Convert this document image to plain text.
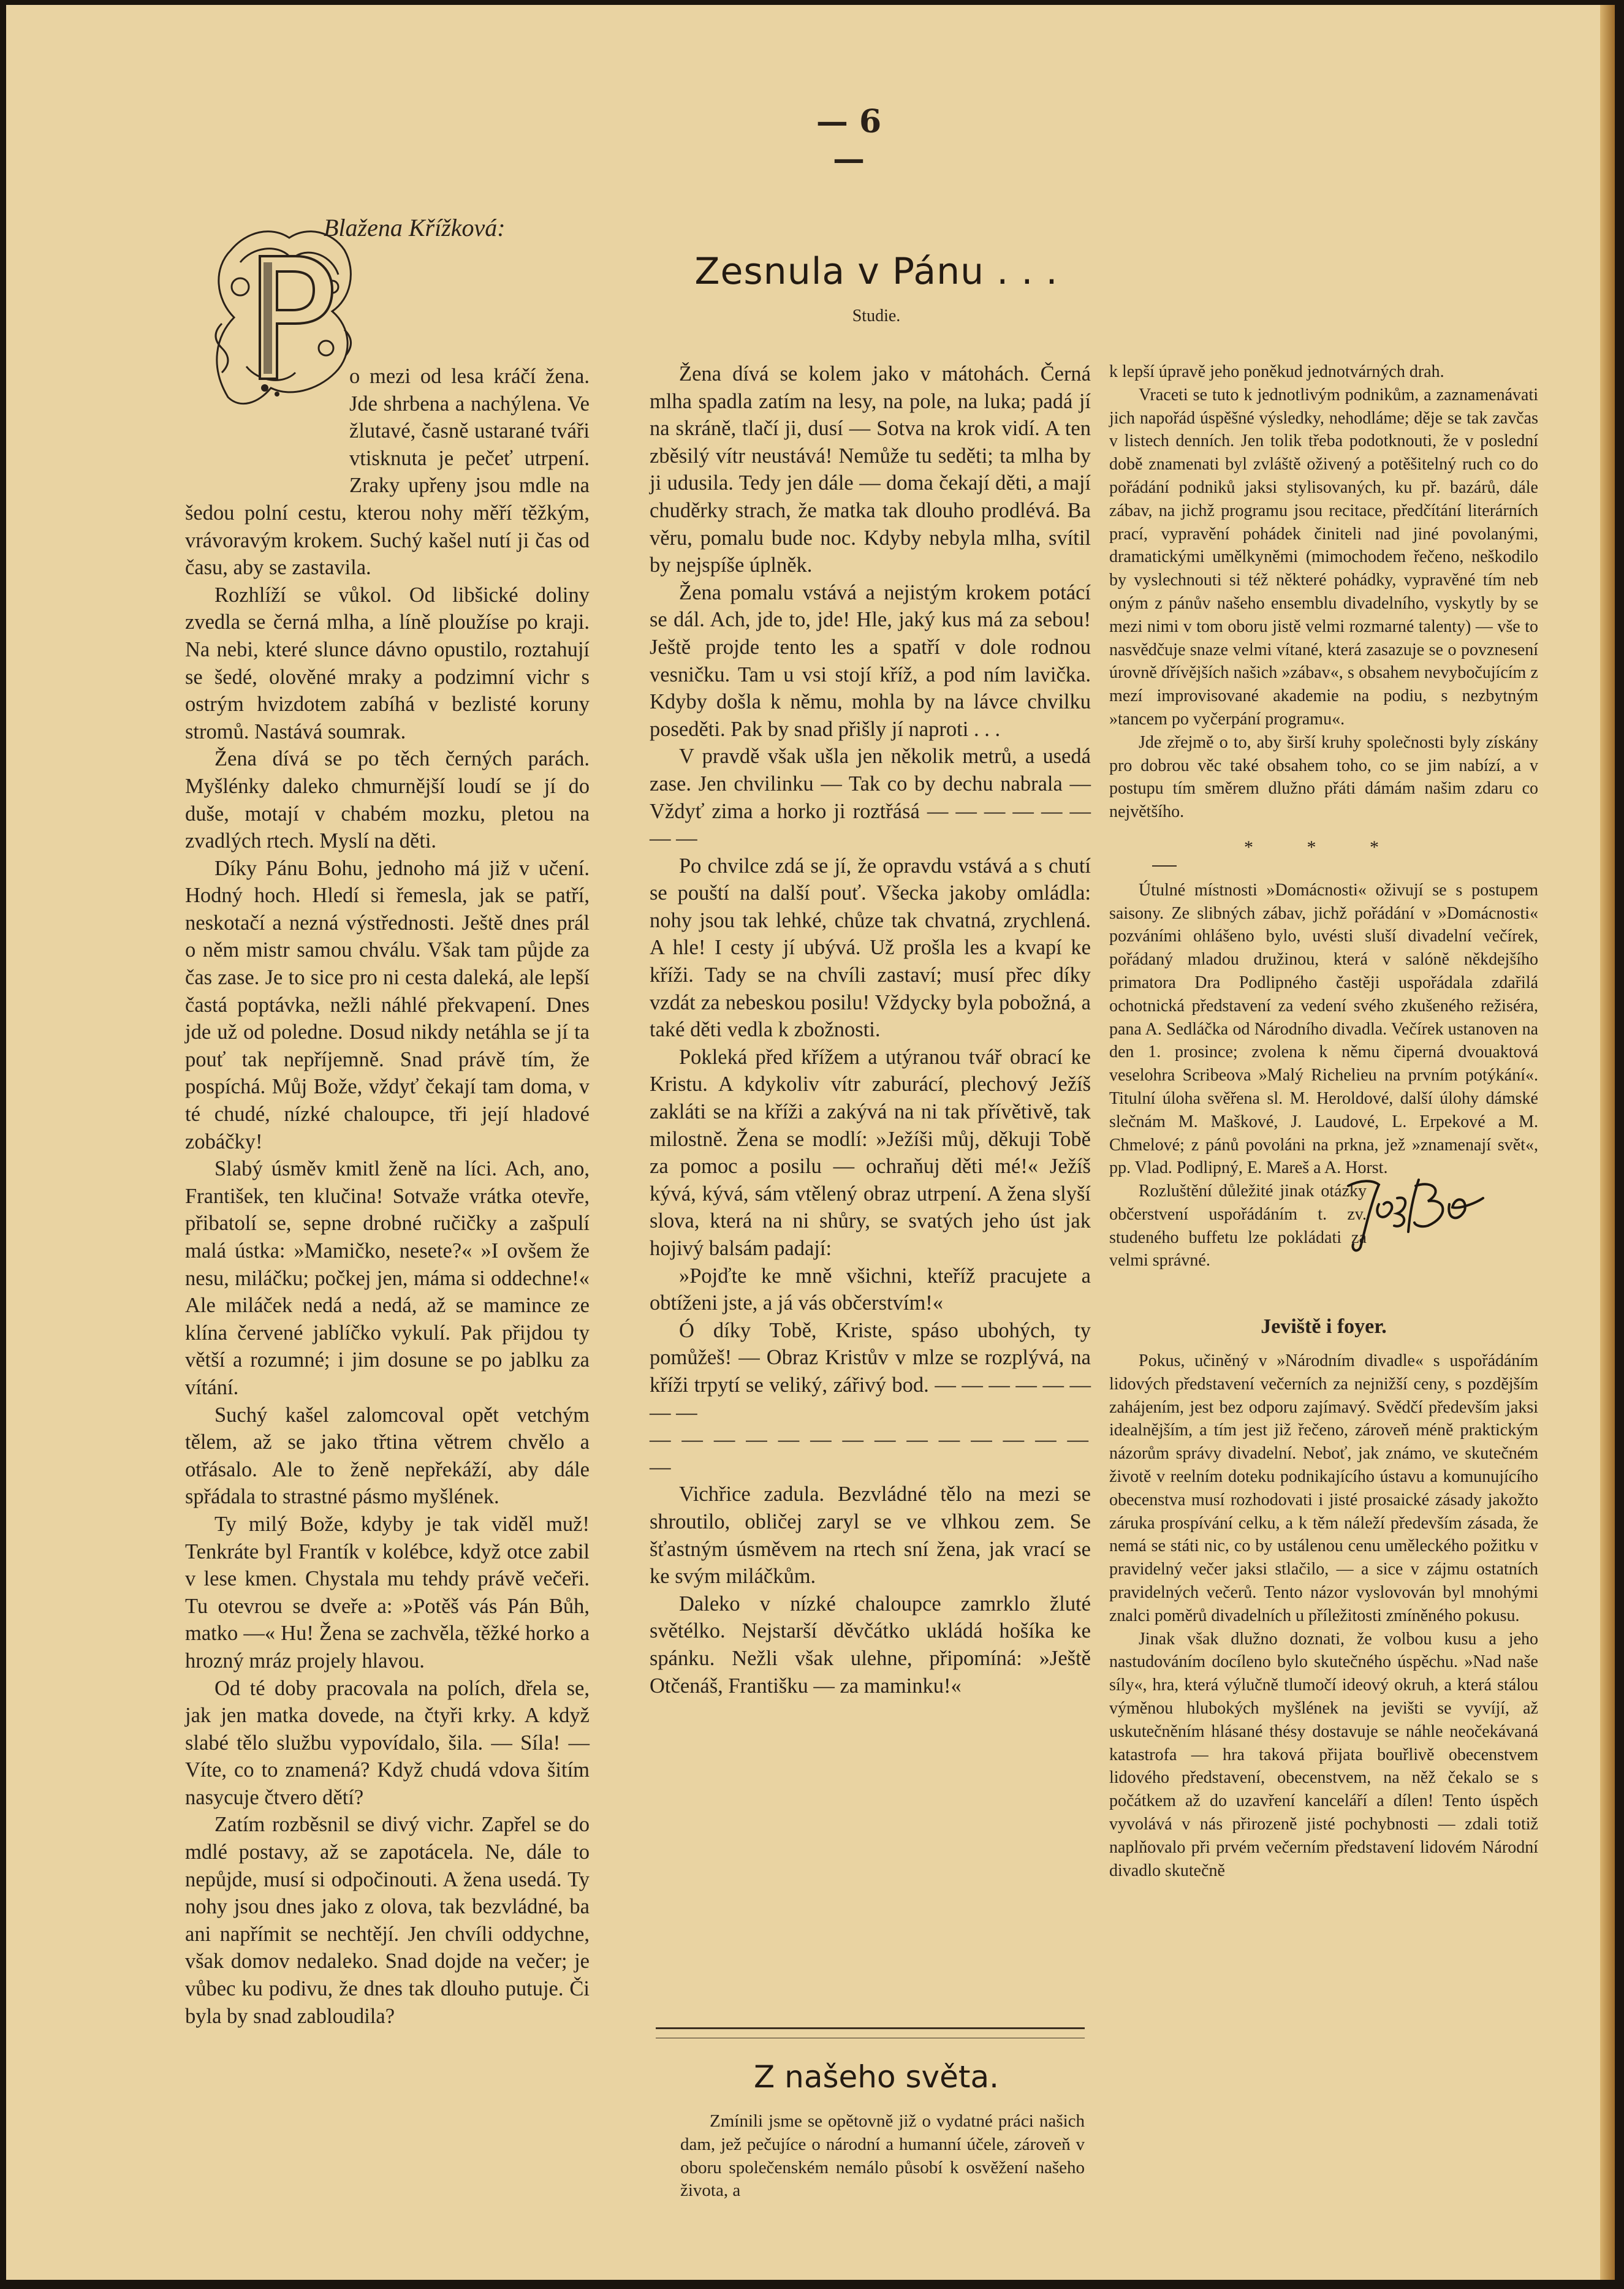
— 6 —
Blažena Křížková:

o mezi od lesa kráčí žena. Jde shrbena a nachýlena. Ve žlutavé, časně ustarané tváři vtisknuta je pečeť utrpení. Zraky upřeny jsou mdle na šedou polní cestu, kterou nohy měří těžkým, vrávoravým krokem. Suchý kašel nutí ji čas od času, aby se zastavila.

Rozhlíží se vůkol. Od libšické doliny zvedla se černá mlha, a líně ploužíse po kraji. Na nebi, které slunce dávno opustilo, roztahují se šedé, olověné mraky a podzimní vichr s ostrým hvizdotem zabíhá v bezlisté koruny stromů. Nastává soumrak.

Žena dívá se po těch černých parách. Myšlénky daleko chmurnější loudí se jí do duše, motají v chabém mozku, pletou na zvadlých rtech. Myslí na děti.

Díky Pánu Bohu, jednoho má již v učení. Hodný hoch. Hledí si řemesla, jak se patří, neskotačí a nezná výstřednosti. Ještě dnes prál o něm mistr samou chválu. Však tam půjde za čas zase. Je to sice pro ni cesta daleká, ale lepší častá poptávka, nežli náhlé překvapení. Dnes jde už od poledne. Dosud nikdy netáhla se jí ta pouť tak nepříjemně. Snad právě tím, že pospíchá. Můj Bože, vždyť čekají tam doma, v té chudé, nízké chaloupce, tři její hladové zobáčky!

Slabý úsměv kmitl ženě na líci. Ach, ano, František, ten klučina! Sotvaže vrátka otevře, přibatolí se, sepne drobné ručičky a zašpulí malá ústka: »Mamičko, nesete?« »I ovšem že nesu, miláčku; počkej jen, máma si oddechne!« Ale miláček nedá a nedá, až se mamince ze klína červené jablíčko vykulí. Pak přijdou ty větší a rozumné; i jim dosune se po jablku za vítání.

Suchý kašel zalomcoval opět vetchým tělem, až se jako třtina větrem chvělo a otřásalo. Ale to ženě nepřekáží, aby dále spřádala to strastné pásmo myšlének.

Ty milý Bože, kdyby je tak viděl muž! Tenkráte byl Frantík v kolébce, když otce zabil v lese kmen. Chystala mu tehdy právě večeři. Tu otevrou se dveře a: »Potěš vás Pán Bůh, matko —« Hu! Žena se zachvěla, těžké horko a hrozný mráz projely hlavou.

Od té doby pracovala na polích, dřela se, jak jen matka dovede, na čtyři krky. A když slabé tělo službu vypovídalo, šila. — Síla! — Víte, co to znamená? Když chudá vdova šitím nasycuje čtvero dětí?

Zatím rozběsnil se divý vichr. Zapřel se do mdlé postavy, až se zapotácela. Ne, dále to nepůjde, musí si odpočinouti. A žena usedá. Ty nohy jsou dnes jako z olova, tak bezvládné, ba ani napřímit se nechtějí. Jen chvíli oddychne, však domov nedaleko. Snad dojde na večer; je vůbec ku podivu, že dnes tak dlouho putuje. Či byla by snad zabloudila?

Zesnula v Pánu . . .
Studie.

Žena dívá se kolem jako v mátohách. Černá mlha spadla zatím na lesy, na pole, na luka; padá jí na skráně, tlačí ji, dusí — Sotva na krok vidí. A ten zběsilý vítr neustává! Nemůže tu seděti; ta mlha by ji udusila. Tedy jen dále — doma čekají děti, a mají chuděrky strach, že matka tak dlouho prodlévá. Ba věru, pomalu bude noc. Kdyby nebyla mlha, svítil by nejspíše úplněk.

Žena pomalu vstává a nejistým krokem potácí se dál. Ach, jde to, jde! Hle, jaký kus má za sebou! Ještě projde tento les a spatří v dole rodnou vesničku. Tam u vsi stojí kříž, a pod ním lavička. Kdyby došla k němu, mohla by na lávce chvilku poseděti. Pak by snad přišly jí naproti . . .

V pravdě však ušla jen několik metrů, a usedá zase. Jen chvilinku — Tak co by dechu nabrala — Vždyť zima a horko ji roztřásá — — — — — — — —

Po chvilce zdá se jí, že opravdu vstává a s chutí se pouští na další pouť. Všecka jakoby omládla: nohy jsou tak lehké, chůze tak chvatná, zrychlená. A hle! I cesty jí ubývá. Už prošla les a kvapí ke kříži. Tady se na chvíli zastaví; musí přec díky vzdát za nebeskou posilu! Vždycky byla pobožná, a také děti vedla k zbožnosti.

Pokleká před křížem a utýranou tvář obrací ke Kristu. A kdykoliv vítr zaburácí, plechový Ježíš zakláti se na kříži a zakývá na ni tak přívětivě, tak milostně. Žena se modlí: »Ježíši můj, děkuji Tobě za pomoc a posilu — ochraňuj děti mé!« Ježíš kývá, kývá, sám vtělený obraz utrpení. A žena slyší slova, která na ni shůry, se svatých jeho úst jak hojivý balsám padají:

»Pojďte ke mně všichni, kteříž pracujete a obtíženi jste, a já vás občerstvím!«

Ó díky Tobě, Kriste, spáso ubohých, ty pomůžeš! — Obraz Kristův v mlze se rozplývá, na kříži trpytí se veliký, zářivý bod. — — — — — — — —

— — — — — — — — — — — — — — —

Vichřice zadula. Bezvládné tělo na mezi se shroutilo, obličej zaryl se ve vlhkou zem. Se šťastným úsměvem na rtech sní žena, jak vrací se ke svým miláčkům.

Daleko v nízké chaloupce zamrklo žluté světélko. Nejstarší děvčátko ukládá hošíka ke spánku. Nežli však ulehne, připomíná: »Ještě Otčenáš, Františku — za maminku!«

Z našeho světa.

Zmínili jsme se opětovně již o vydatné práci našich dam, jež pečujíce o národní a humanní účele, zároveň v oboru společenském nemálo působí k osvěžení našeho života, a

k lepší úpravě jeho poněkud jednotvárných drah.

Vraceti se tuto k jednotlivým podnikům, a zaznamenávati jich napořád úspěšné výsledky, nehodláme; děje se tak zavčas v listech denních. Jen tolik třeba podotknouti, že v poslední době znamenati byl zvláště oživený a potěšitelný ruch co do pořádání podniků jaksi stylisovaných, ku př. bazárů, dále zábav, na jichž programu jsou recitace, předčítání literárních prací, vypravění pohádek činiteli nad jiné povolanými, dramatickými umělkyněmi (mimochodem řečeno, neškodilo by vyslechnouti si též některé pohádky, vypravěné tím neb oným z pánův našeho ensemblu divadelního, vyskytly by se mezi nimi v tom oboru jistě velmi rozmarné talenty) — vše to nasvědčuje snaze velmi vítané, která zasazuje se o povznesení úrovně dřívějších našich »zábav«, s obsahem nevybočujícím z mezí improvisované akademie na podiu, s nezbytným »tancem po vyčerpání programu«.

Jde zřejmě o to, aby širší kruhy společnosti byly získány pro dobrou věc také obsahem toho, co se jim nabízí, a v postupu tím směrem dlužno přáti dámám našim zdaru co největšího.

* * *

Útulné místnosti »Domácnosti« oživují se s postupem saisony. Ze slibných zábav, jichž pořádání v »Domácnosti« pozváními ohlášeno bylo, uvésti sluší divadelní večírek, pořádaný mladou družinou, která v salóně někdejšího primatora Dra Podlipného častěji uspořádala zdařilá ochotnická představení za vedení svého zkušeného režiséra, pana A. Sedláčka od Národního divadla. Večírek ustanoven na den 1. prosince; zvolena k němu čiperná dvouaktová veselohra Scribeova »Malý Richelieu na prvním potýkání«. Titulní úloha svěřena sl. M. Heroldové, další úlohy dámské slečnám M. Maškové, J. Laudové, L. Erpekové a M. Chmelové; z pánů povoláni na prkna, jež »znamenají svět«, pp. Vlad. Podlipný, E. Mareš a A. Horst.

Rozluštění důležité jinak otázky občerstvení uspořádáním t. zv. studeného buffetu lze pokládati za velmi správné.

Jeviště i foyer.

Pokus, učiněný v »Národním divadle« s uspořádáním lidových představení večerních za nejnižší ceny, s pozdějším zahájením, jest bez odporu zajímavý. Svědčí především jaksi idealnějším, a tím jest již řečeno, zároveň méně praktickým názorům správy divadelní. Neboť, jak známo, ve skutečném životě v reelním doteku podnikajícího ústavu a komunujícího obecenstva musí rozhodovati i jisté prosaické zásady jakožto záruka prospívání celku, a k těm náleží především zásada, že nemá se státi nic, co by ustálenou cenu uměleckého požitku v pravidelný večer jaksi stlačilo, — a sice v zájmu ostatních pravidelných večerů. Tento názor vyslovován byl mnohými znalci poměrů divadelních u příležitosti zmíněného pokusu.

Jinak však dlužno doznati, že volbou kusu a jeho nastudováním docíleno bylo skutečného úspěchu. »Nad naše síly«, hra, která výlučně tlumočí ideový okruh, a která stálou výměnou hlubokých myšlének na jevišti se vyvíjí, až uskutečněním hlásané thésy dostavuje se náhle neočekávaná katastrofa — hra taková přijata bouřlivě obecenstvem lidového představení, obecenstvem, na něž čekalo se s počátkem až do uzavření kanceláří a dílen! Tento úspěch vyvolává v nás přirozeně jisté pochybnosti — zdali totiž naplňovalo při prvém večerním představení lidovém Národní divadlo skutečně
